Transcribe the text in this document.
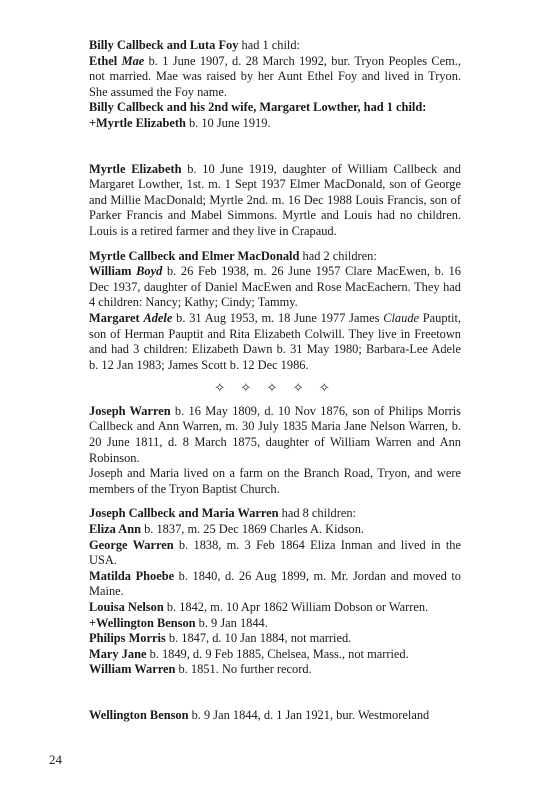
Billy Callbeck and Luta Foy had 1 child:

Ethel Mae b. 1 June 1907, d. 28 March 1992, bur. Tryon Peoples Cem., not married. Mae was raised by her Aunt Ethel Foy and lived in Tryon. She assumed the Foy name.

Billy Callbeck and his 2nd wife, Margaret Lowther, had 1 child:

+Myrtle Elizabeth b. 10 June 1919.

Myrtle Elizabeth b. 10 June 1919, daughter of William Callbeck and Margaret Lowther, 1st. m. 1 Sept 1937 Elmer MacDonald, son of George and Millie MacDonald; Myrtle 2nd. m. 16 Dec 1988 Louis Francis, son of Parker Francis and Mabel Simmons. Myrtle and Louis had no children. Louis is a retired farmer and they live in Crapaud.

Myrtle Callbeck and Elmer MacDonald had 2 children:

William Boyd b. 26 Feb 1938, m. 26 June 1957 Clare MacEwen, b. 16 Dec 1937, daughter of Daniel MacEwen and Rose MacEachern. They had 4 children: Nancy; Kathy; Cindy; Tammy.

Margaret Adele b. 31 Aug 1953, m. 18 June 1977 James Claude Pauptit, son of Herman Pauptit and Rita Elizabeth Colwill. They live in Freetown and had 3 children: Elizabeth Dawn b. 31 May 1980; Barbara-Lee Adele b. 12 Jan 1983; James Scott b. 12 Dec 1986.

✧ ✧ ✧ ✧ ✧

Joseph Warren b. 16 May 1809, d. 10 Nov 1876, son of Philips Morris Callbeck and Ann Warren, m. 30 July 1835 Maria Jane Nelson Warren, b. 20 June 1811, d. 8 March 1875, daughter of William Warren and Ann Robinson.

Joseph and Maria lived on a farm on the Branch Road, Tryon, and were members of the Tryon Baptist Church.

Joseph Callbeck and Maria Warren had 8 children:

Eliza Ann b. 1837, m. 25 Dec 1869 Charles A. Kidson.

George Warren b. 1838, m. 3 Feb 1864 Eliza Inman and lived in the USA.

Matilda Phoebe b. 1840, d. 26 Aug 1899, m. Mr. Jordan and moved to Maine.

Louisa Nelson b. 1842, m. 10 Apr 1862 William Dobson or Warren.

+Wellington Benson b. 9 Jan 1844.

Philips Morris b. 1847, d. 10 Jan 1884, not married.

Mary Jane b. 1849, d. 9 Feb 1885, Chelsea, Mass., not married.

William Warren b. 1851. No further record.

Wellington Benson b. 9 Jan 1844, d. 1 Jan 1921, bur. Westmoreland

24
